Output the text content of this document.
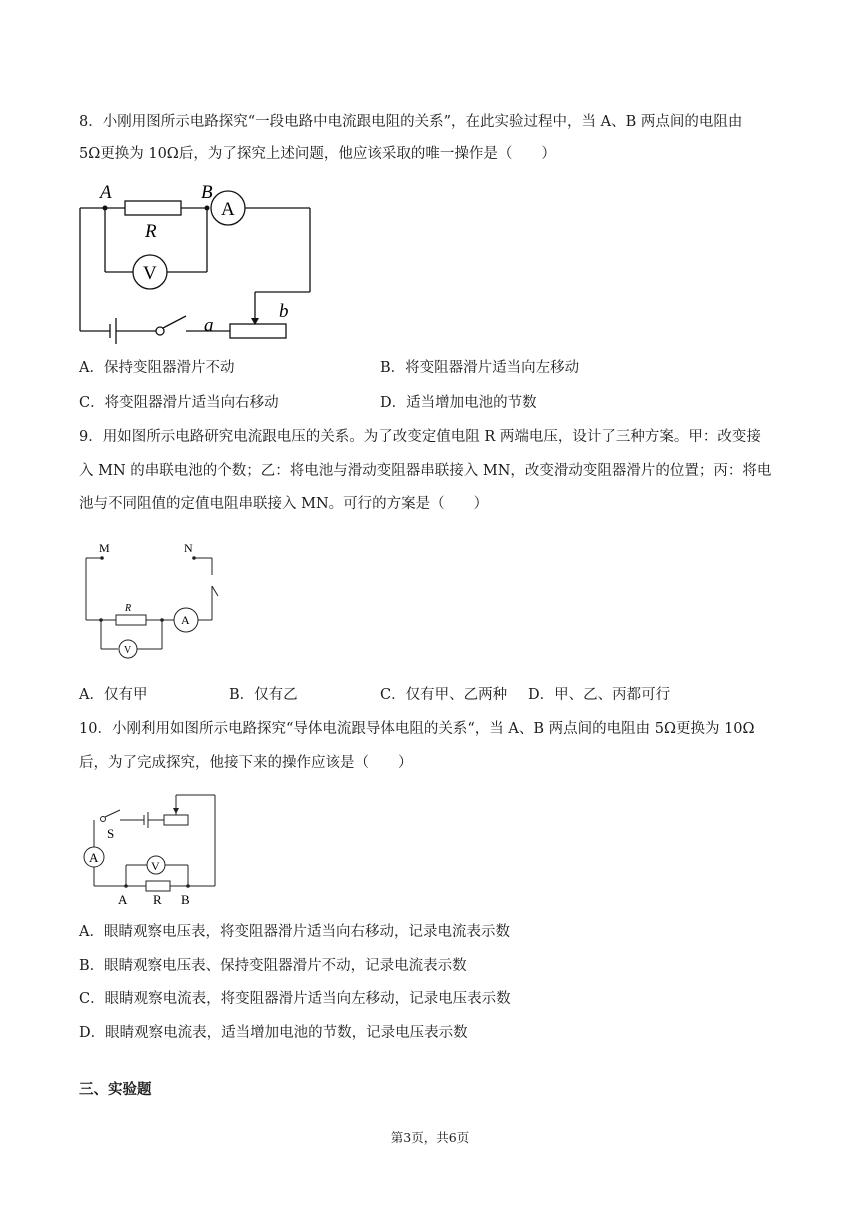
8．小刚用图所示电路探究“一段电路中电流跟电阻的关系”，在此实验过程中，当 A、B 两点间的电阻由
5Ω更换为 10Ω后，为了探究上述问题，他应该采取的唯一操作是（　　）
A	B
R
A
V
a
b
A．保持变阻器滑片不动	B．将变阻器滑片适当向左移动
C．将变阻器滑片适当向右移动	D．适当增加电池的节数
9．用如图所示电路研究电流跟电压的关系。为了改变定值电阻 R 两端电压，设计了三种方案。甲：改变接
入 MN 的串联电池的个数；乙：将电池与滑动变阻器串联接入 MN，改变滑动变阻器滑片的位置；丙：将电
池与不同阻值的定值电阻串联接入 MN。可行的方案是（　　）
M	N
R
A
V
A．仅有甲	B．仅有乙	C．仅有甲、乙两种 D．甲、乙、丙都可行
10．小刚利用如图所示电路探究“导体电流跟导体电阻的关系“，当 A、B 两点间的电阻由 5Ω更换为 10Ω
后，为了完成探究，他接下来的操作应该是（　　）
S
A
V
A R B
A．眼睛观察电压表，将变阻器滑片适当向右移动，记录电流表示数
B．眼睛观察电压表、保持变阻器滑片不动，记录电流表示数
C．眼睛观察电流表，将变阻器滑片适当向左移动，记录电压表示数
D．眼睛观察电流表，适当增加电池的节数，记录电压表示数
三、实验题
第3页，共6页
